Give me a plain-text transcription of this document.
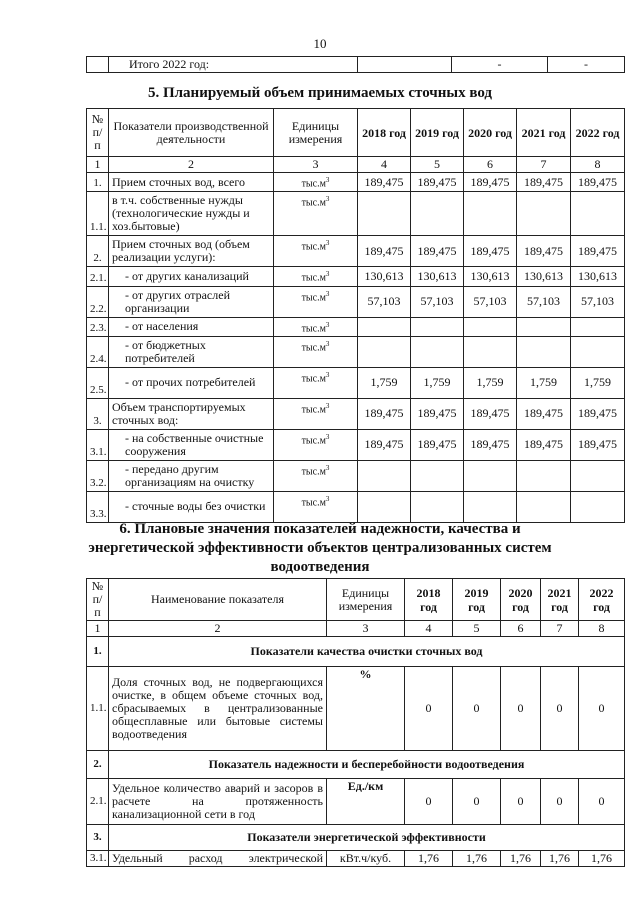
10
	Итого 2022 год:		-	-
5. Планируемый объем принимаемых сточных вод
№ п/ п	Показатели производственной деятельности	Единицы измерения	2018 год	2019 год	2020 год	2021 год	2022 год
1	2	3	4	5	6	7	8
1.	Прием сточных вод, всего	$тыс.м^3$	189,475	189,475	189,475	189,475	189,475
1.1.	в т.ч. собственные нужды (технологические нужды и хоз.бытовые)	$тыс.м^3$					
2.	Прием сточных вод (объем реализации услуги):	$тыс.м^3$	189,475	189,475	189,475	189,475	189,475
2.1.	- от других канализаций	$тыс.м^3$	130,613	130,613	130,613	130,613	130,613
2.2.	- от других отраслей организации	$тыс.м^3$	57,103	57,103	57,103	57,103	57,103
2.3.	- от населения	$тыс.м^3$					
2.4.	- от бюджетных потребителей	$тыс.м^3$					
2.5.	- от прочих потребителей	$тыс.м^3$	1,759	1,759	1,759	1,759	1,759
3.	Объем транспортируемых сточных вод:	$тыс.м^3$	189,475	189,475	189,475	189,475	189,475
3.1.	- на собственные очистные сооружения	$тыс.м^3$	189,475	189,475	189,475	189,475	189,475
3.2.	- передано другим организациям на очистку	$тыс.м^3$					
3.3.	- сточные воды без очистки	$тыс.м^3$					
6. Плановые значения показателей надежности, качества и
энергетической эффективности объектов централизованных систем
водоотведения
№ п/п	Наименование показателя	Единицы измерения	2018 год	2019 год	2020 год	2021 год	2022 год
1	2	3	4	5	6	7	8
1.	Показатели качества очистки сточных вод						
1.1.	Доля сточных вод, не подвергающихся очистке, в общем объеме сточных вод, сбрасываемых в централизованные общесплавные или бытовые системы водоотведения	%	0	0	0	0	0
2.	Показатель надежности и бесперебойности водоотведения						
2.1.	Удельное количество аварий и засоров в расчете на протяженность канализационной сети в год	Ед./км	0	0	0	0	0
3.	Показатели энергетической эффективности						
3.1.	Удельный расход электрической	кВт.ч/куб.	1,76	1,76	1,76	1,76	1,76
